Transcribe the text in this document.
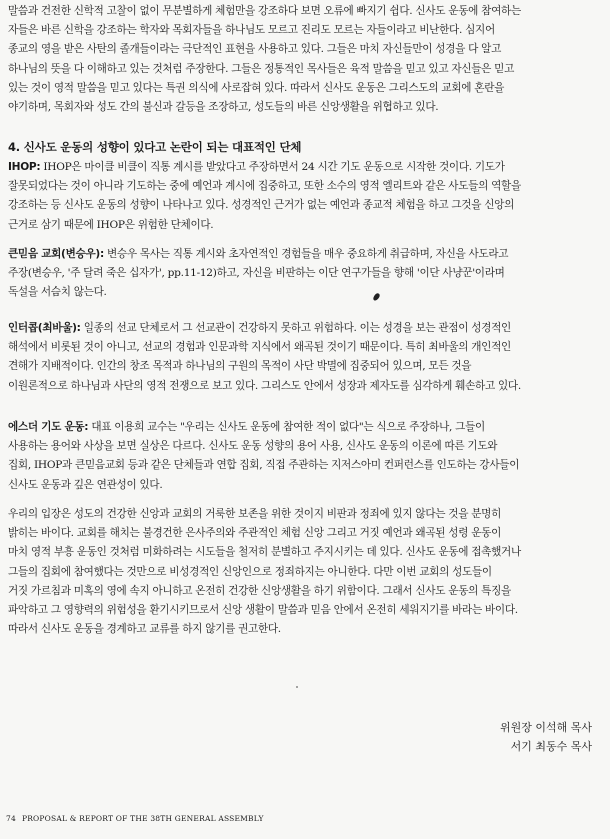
말씀과 건전한 신학적 고찰이 없이 무분별하게 체험만을 강조하다 보면 오류에 빠지기 쉽다. 신사도 운동에 참여하는
자들은 바른 신학을 강조하는 학자와 목회자들을 하나님도 모르고 진리도 모르는 자들이라고 비난한다. 심지어
종교의 영을 받은 사탄의 졸개들이라는 극단적인 표현을 사용하고 있다. 그들은 마치 자신들만이 성경을 다 알고
하나님의 뜻을 다 이해하고 있는 것처럼 주장한다. 그들은 정통적인 목사들은 육적 말씀을 믿고 있고 자신들은 믿고
있는 것이 영적 말씀을 믿고 있다는 특권 의식에 사로잡혀 있다. 따라서 신사도 운동은 그리스도의 교회에 혼란을
야기하며, 목회자와 성도 간의 불신과 갈등을 조장하고, 성도들의 바른 신앙생활을 위협하고 있다.
4. 신사도 운동의 성향이 있다고 논란이 되는 대표적인 단체
IHOP: IHOP은 마이클 비클이 직통 계시를 받았다고 주장하면서 24 시간 기도 운동으로 시작한 것이다. 기도가
잘못되었다는 것이 아니라 기도하는 중에 예언과 계시에 집중하고, 또한 소수의 영적 엘리트와 같은 사도들의 역할을
강조하는 등 신사도 운동의 성향이 나타나고 있다. 성경적인 근거가 없는 예언과 종교적 체험을 하고 그것을 신앙의
근거로 삼기 때문에 IHOP은 위험한 단체이다.
큰믿음 교회(변승우): 변승우 목사는 직통 계시와 초자연적인 경험들을 매우 중요하게 취급하며, 자신을 사도라고
주장(변승우, '주 달려 죽은 십자가', pp.11-12)하고, 자신을 비판하는 이단 연구가들을 향해 '이단 사냥꾼'이라며
독설을 서슴치 않는다.
인터콥(최바울): 일종의 선교 단체로서 그 선교관이 건강하지 못하고 위험하다. 이는 성경을 보는 관점이 성경적인
해석에서 비롯된 것이 아니고, 선교의 경험과 인문과학 지식에서 왜곡된 것이기 때문이다. 특히 최바울의 개인적인
견해가 지배적이다. 인간의 창조 목적과 하나님의 구원의 목적이 사단 박멸에 집중되어 있으며, 모든 것을
이원론적으로 하나님과 사단의 영적 전쟁으로 보고 있다. 그리스도 안에서 성장과 제자도를 심각하게 훼손하고 있다.
에스더 기도 운동: 대표 이용희 교수는 "우리는 신사도 운동에 참여한 적이 없다"는 식으로 주장하나, 그들이
사용하는 용어와 사상을 보면 실상은 다르다. 신사도 운동 성향의 용어 사용, 신사도 운동의 이론에 따른 기도와
집회, IHOP과 큰믿음교회 등과 같은 단체들과 연합 집회, 직접 주관하는 지저스아미 컨퍼런스를 인도하는 강사들이
신사도 운동과 깊은 연관성이 있다.
우리의 입장은 성도의 건강한 신앙과 교회의 거룩한 보존을 위한 것이지 비판과 정죄에 있지 않다는 것을 분명히
밝히는 바이다. 교회를 해치는 불경건한 은사주의와 주관적인 체험 신앙 그리고 거짓 예언과 왜곡된 성령 운동이
마치 영적 부흥 운동인 것처럼 미화하려는 시도들을 철저히 분별하고 주지시키는 데 있다. 신사도 운동에 접촉했거나
그들의 집회에 참여했다는 것만으로 비성경적인 신앙인으로 정죄하지는 아니한다. 다만 이번 교회의 성도들이
거짓 가르침과 미혹의 영에 속지 아니하고 온전히 건강한 신앙생활을 하기 위함이다. 그래서 신사도 운동의 특징을
파악하고 그 영향력의 위험성을 환기시키므로서 신앙 생활이 말씀과 믿음 안에서 온전히 세워지기를 바라는 바이다.
따라서 신사도 운동을 경계하고 교류를 하지 않기를 권고한다.
위원장 이석해 목사
서기 최동수 목사
74 PROPOSAL & REPORT OF THE 38TH GENERAL ASSEMBLY
